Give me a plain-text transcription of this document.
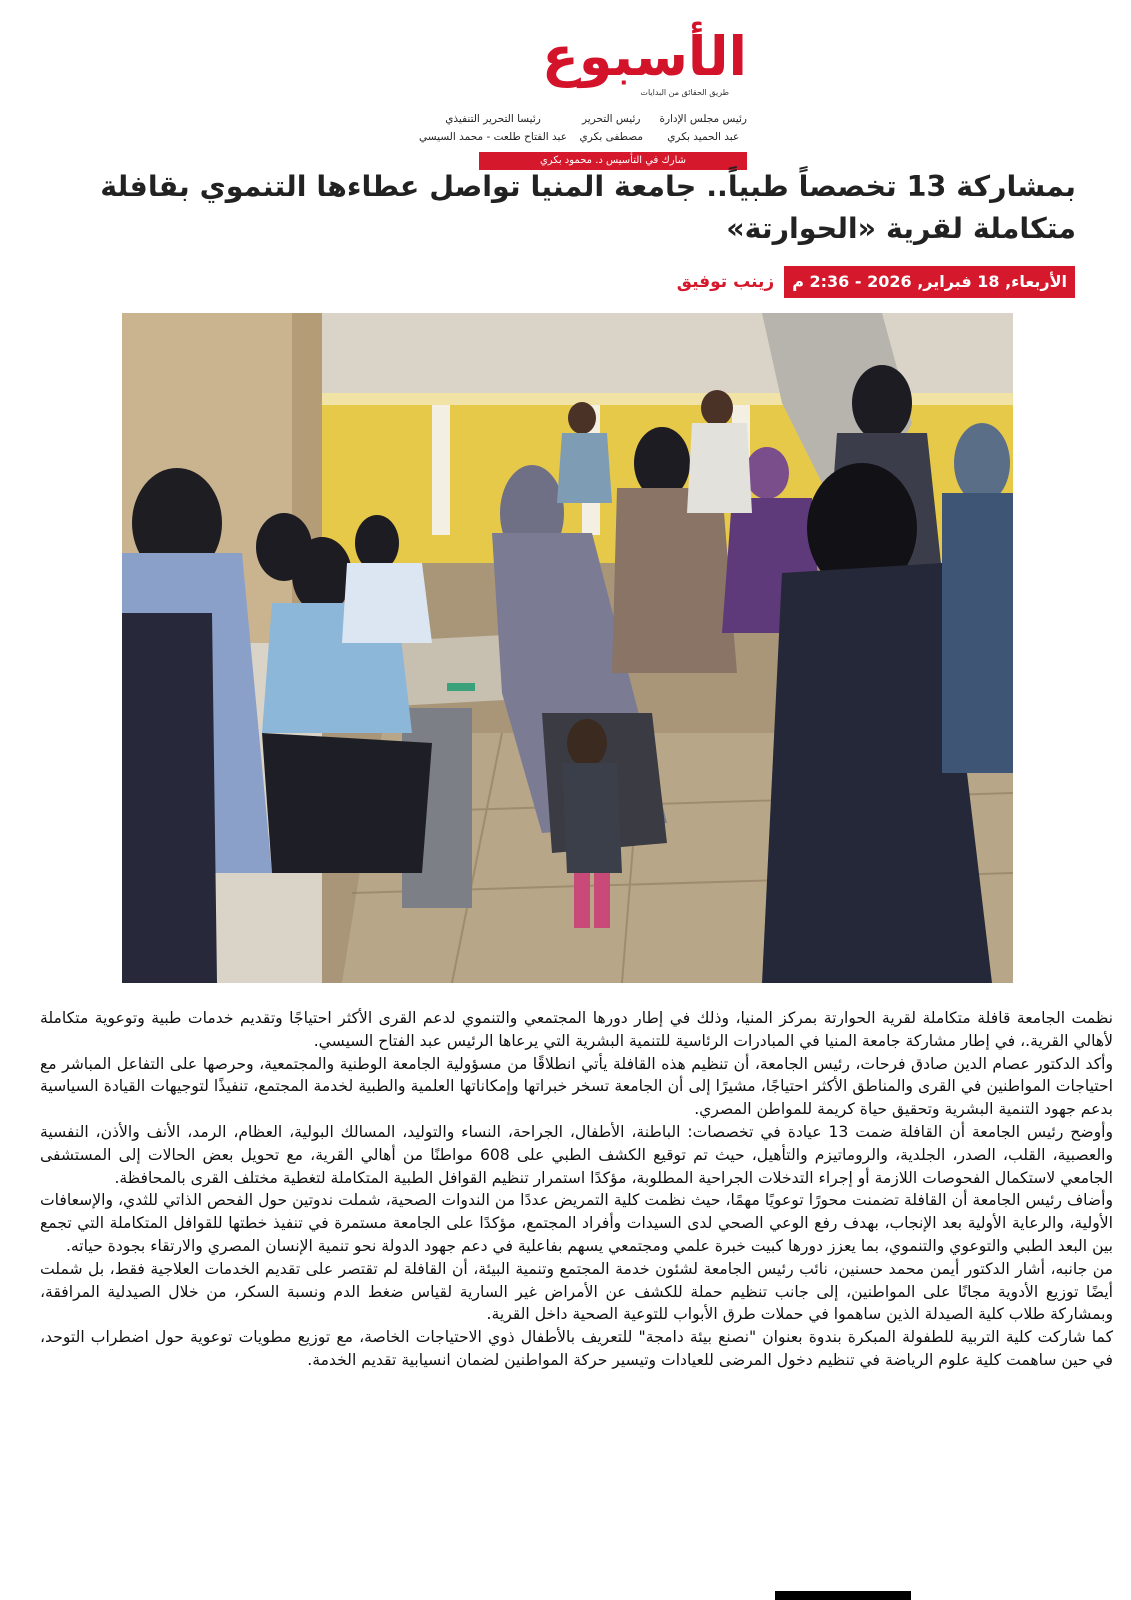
الأسبوع
طريق الحقائق من البدايات
رئيس مجلس الإدارة
عبد الحميد بكري
رئيس التحرير
مصطفى بكري
رئيسا التحرير التنفيذي
عبد الفتاح طلعت - محمد السيسي
شارك في التأسيس د. محمود بكري
بمشاركة 13 تخصصاً طبياً.. جامعة المنيا تواصل عطاءها التنموي بقافلة متكاملة لقرية «الحوارتة»
الأربعاء, 18 فبراير, 2026 - 2:36 م
زينب توفيق

نظمت الجامعة قافلة متكاملة لقرية الحوارتة بمركز المنيا، وذلك في إطار دورها المجتمعي والتنموي لدعم القرى الأكثر احتياجًا وتقديم خدمات طبية وتوعوية متكاملة لأهالي القرية.، في إطار مشاركة جامعة المنيا في المبادرات الرئاسية للتنمية البشرية التي يرعاها الرئيس عبد الفتاح السيسي.

وأكد الدكتور عصام الدين صادق فرحات، رئيس الجامعة، أن تنظيم هذه القافلة يأتي انطلاقًا من مسؤولية الجامعة الوطنية والمجتمعية، وحرصها على التفاعل المباشر مع احتياجات المواطنين في القرى والمناطق الأكثر احتياجًا، مشيرًا إلى أن الجامعة تسخر خبراتها وإمكاناتها العلمية والطبية لخدمة المجتمع، تنفيذًا لتوجيهات القيادة السياسية بدعم جهود التنمية البشرية وتحقيق حياة كريمة للمواطن المصري.

وأوضح رئيس الجامعة أن القافلة ضمت 13 عيادة في تخصصات: الباطنة، الأطفال، الجراحة، النساء والتوليد، المسالك البولية، العظام، الرمد، الأنف والأذن، النفسية والعصبية، القلب، الصدر، الجلدية، والروماتيزم والتأهيل، حيث تم توقيع الكشف الطبي على 608 مواطنًا من أهالي القرية، مع تحويل بعض الحالات إلى المستشفى الجامعي لاستكمال الفحوصات اللازمة أو إجراء التدخلات الجراحية المطلوبة، مؤكدًا استمرار تنظيم القوافل الطبية المتكاملة لتغطية مختلف القرى بالمحافظة.

وأضاف رئيس الجامعة أن القافلة تضمنت محورًا توعويًا مهمًا، حيث نظمت كلية التمريض عددًا من الندوات الصحية، شملت ندوتين حول الفحص الذاتي للثدي، والإسعافات الأولية، والرعاية الأولية بعد الإنجاب، بهدف رفع الوعي الصحي لدى السيدات وأفراد المجتمع، مؤكدًا على الجامعة مستمرة في تنفيذ خطتها للقوافل المتكاملة التي تجمع بين البعد الطبي والتوعوي والتنموي، بما يعزز دورها كبيت خبرة علمي ومجتمعي يسهم بفاعلية في دعم جهود الدولة نحو تنمية الإنسان المصري والارتقاء بجودة حياته.

من جانبه، أشار الدكتور أيمن محمد حسنين، نائب رئيس الجامعة لشئون خدمة المجتمع وتنمية البيئة، أن القافلة لم تقتصر على تقديم الخدمات العلاجية فقط، بل شملت أيضًا توزيع الأدوية مجانًا على المواطنين، إلى جانب تنظيم حملة للكشف عن الأمراض غير السارية لقياس ضغط الدم ونسبة السكر، من خلال الصيدلية المرافقة، وبمشاركة طلاب كلية الصيدلة الذين ساهموا في حملات طرق الأبواب للتوعية الصحية داخل القرية.

كما شاركت كلية التربية للطفولة المبكرة بندوة بعنوان "نصنع بيئة دامجة" للتعريف بالأطفال ذوي الاحتياجات الخاصة، مع توزيع مطويات توعوية حول اضطراب التوحد، في حين ساهمت كلية علوم الرياضة في تنظيم دخول المرضى للعيادات وتيسير حركة المواطنين لضمان انسيابية تقديم الخدمة.
